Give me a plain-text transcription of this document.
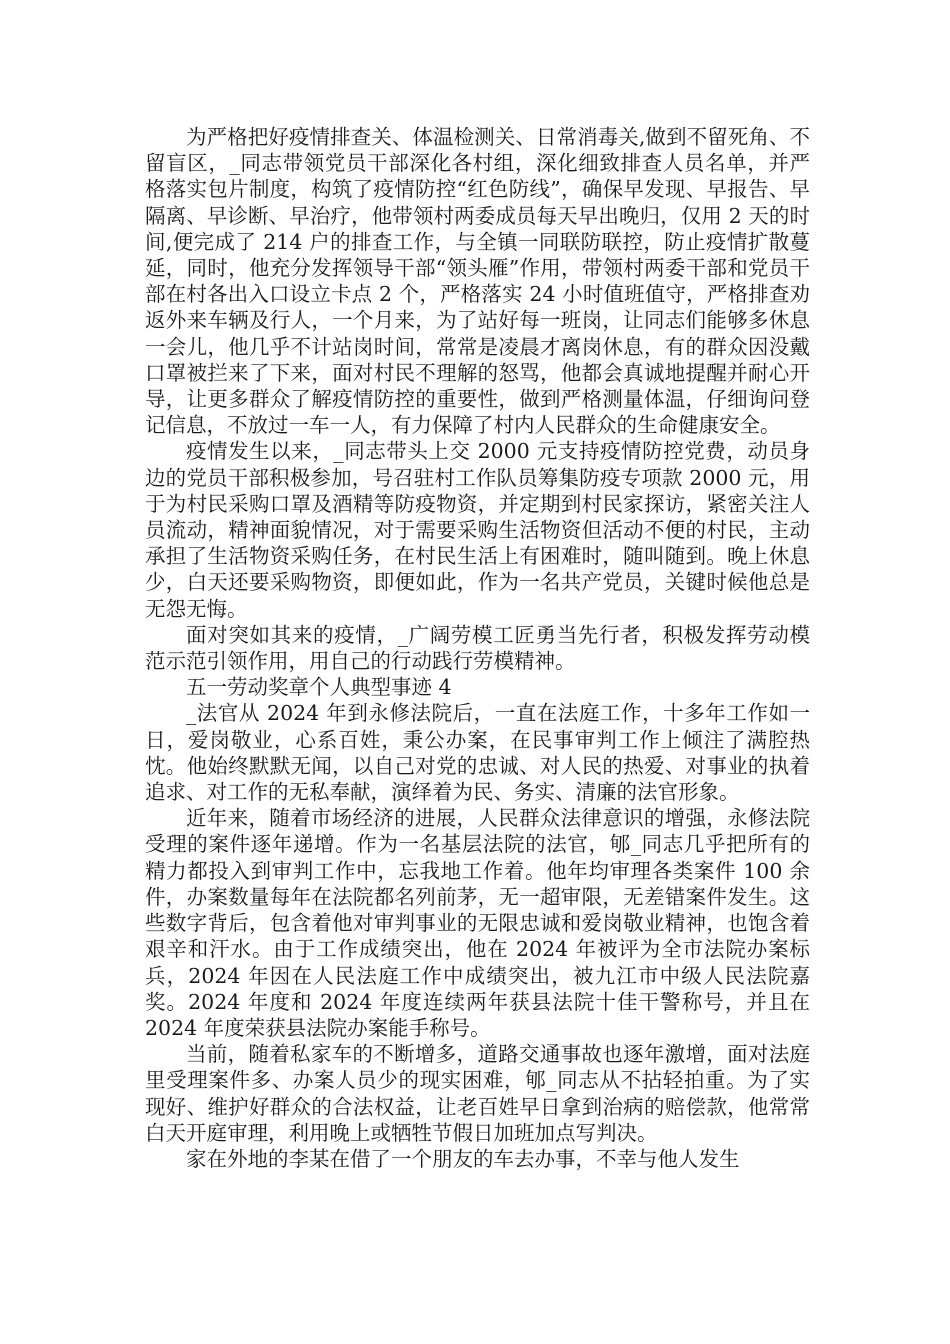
为严格把好疫情排查关、体温检测关、日常消毒关,做到不留死角、不留盲区，_同志带领党员干部深化各村组，深化细致排查人员名单，并严格落实包片制度，构筑了疫情防控“红色防线”，确保早发现、早报告、早隔离、早诊断、早治疗，他带领村两委成员每天早出晚归，仅用 2 天的时间,便完成了 214 户的排查工作，与全镇一同联防联控，防止疫情扩散蔓延，同时，他充分发挥领导干部“领头雁”作用，带领村两委干部和党员干部在村各出入口设立卡点 2 个，严格落实 24 小时值班值守，严格排查劝返外来车辆及行人，一个月来，为了站好每一班岗，让同志们能够多休息一会儿，他几乎不计站岗时间，常常是凌晨才离岗休息，有的群众因没戴口罩被拦来了下来，面对村民不理解的怒骂，他都会真诚地提醒并耐心开导，让更多群众了解疫情防控的重要性，做到严格测量体温，仔细询问登记信息，不放过一车一人，有力保障了村内人民群众的生命健康安全。

疫情发生以来，_同志带头上交 2000 元支持疫情防控党费，动员身边的党员干部积极参加，号召驻村工作队员筹集防疫专项款 2000 元，用于为村民采购口罩及酒精等防疫物资，并定期到村民家探访，紧密关注人员流动，精神面貌情况，对于需要采购生活物资但活动不便的村民，主动承担了生活物资采购任务，在村民生活上有困难时，随叫随到。晚上休息少，白天还要采购物资，即便如此，作为一名共产党员，关键时候他总是无怨无悔。

面对突如其来的疫情，_广阔劳模工匠勇当先行者，积极发挥劳动模范示范引领作用，用自己的行动践行劳模精神。

五一劳动奖章个人典型事迹 4

_法官从 2024 年到永修法院后，一直在法庭工作，十多年工作如一日，爱岗敬业，心系百姓，秉公办案，在民事审判工作上倾注了满腔热忱。他始终默默无闻，以自己对党的忠诚、对人民的热爱、对事业的执着追求、对工作的无私奉献，演绎着为民、务实、清廉的法官形象。

近年来，随着市场经济的进展，人民群众法律意识的增强，永修法院受理的案件逐年递增。作为一名基层法院的法官，郇_同志几乎把所有的精力都投入到审判工作中，忘我地工作着。他年均审理各类案件 100 余件，办案数量每年在法院都名列前茅，无一超审限，无差错案件发生。这些数字背后，包含着他对审判事业的无限忠诚和爱岗敬业精神，也饱含着艰辛和汗水。由于工作成绩突出，他在 2024 年被评为全市法院办案标兵，2024 年因在人民法庭工作中成绩突出，被九江市中级人民法院嘉奖。2024 年度和 2024 年度连续两年获县法院十佳干警称号，并且在 2024 年度荣获县法院办案能手称号。

当前，随着私家车的不断增多，道路交通事故也逐年激增，面对法庭里受理案件多、办案人员少的现实困难，郇_同志从不拈轻拍重。为了实现好、维护好群众的合法权益，让老百姓早日拿到治病的赔偿款，他常常白天开庭审理，利用晚上或牺牲节假日加班加点写判决。

家在外地的李某在借了一个朋友的车去办事，不幸与他人发生
